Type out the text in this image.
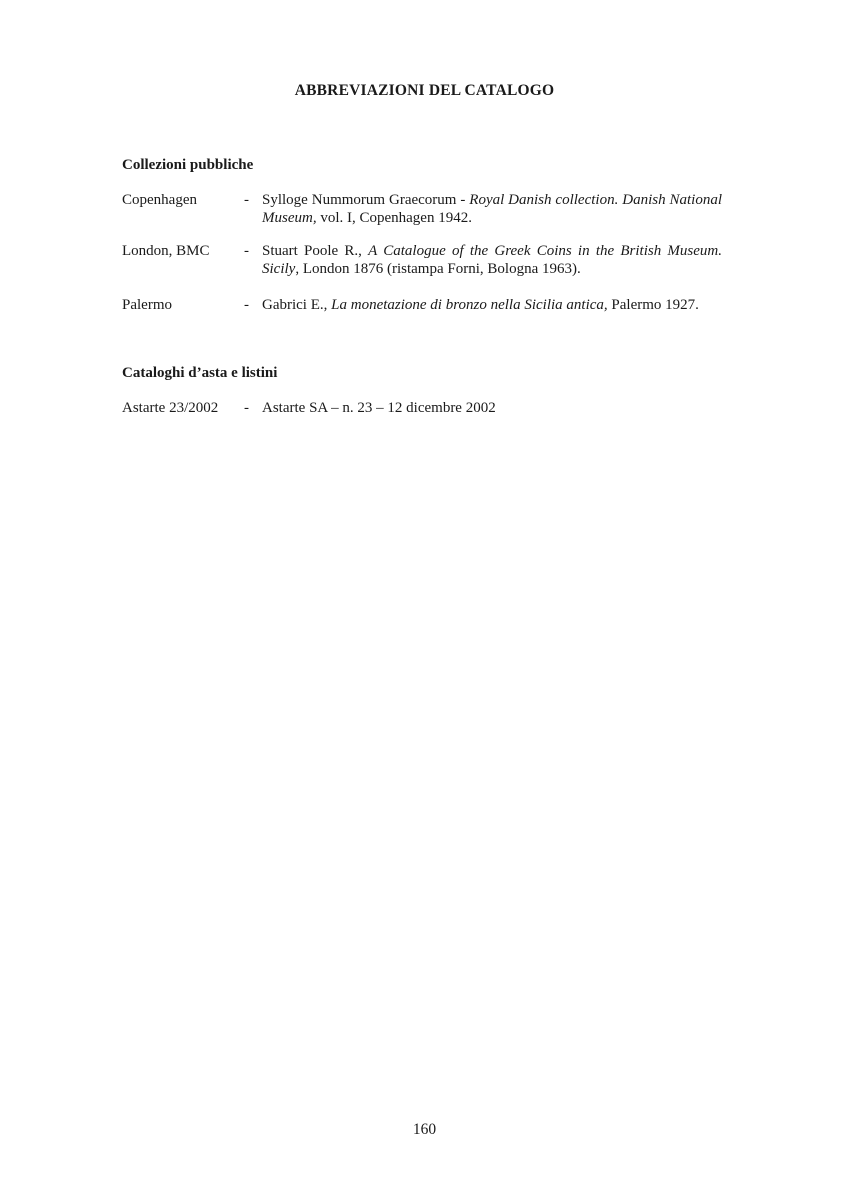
ABBREVIAZIONI DEL CATALOGO
Collezioni pubbliche
Copenhagen	- Sylloge Nummorum Graecorum - Royal Danish collection. Danish National Museum, vol. I, Copenhagen 1942.
London, BMC	- Stuart Poole R., A Catalogue of the Greek Coins in the British Museum. Sicily, London 1876 (ristampa Forni, Bologna 1963).
Palermo	- Gabrici E., La monetazione di bronzo nella Sicilia antica, Palermo 1927.
Cataloghi d’asta e listini
Astarte 23/2002	- Astarte SA – n. 23 – 12 dicembre 2002
160
